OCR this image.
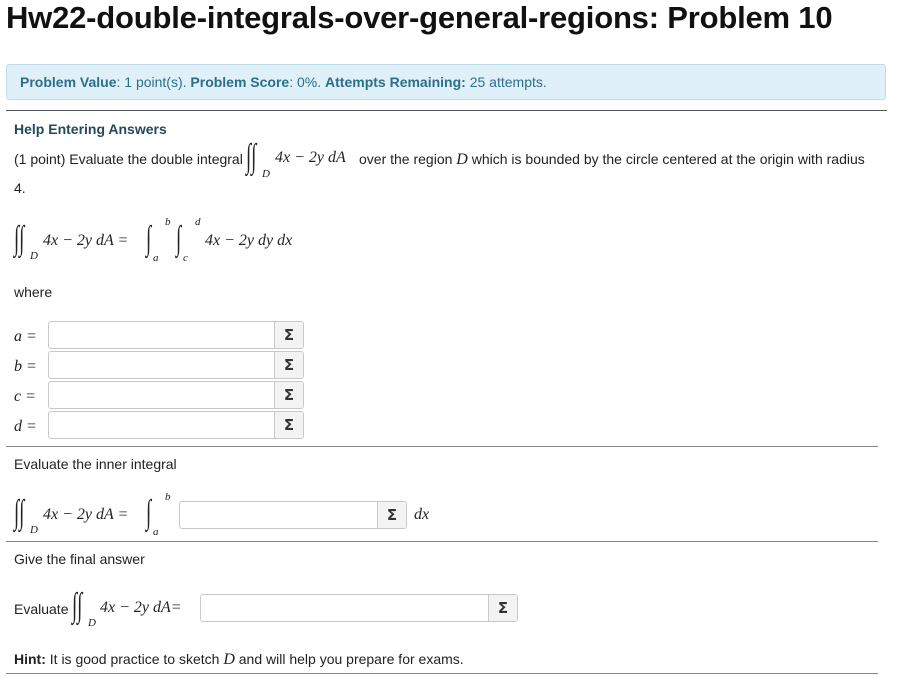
Hw22-double-integrals-over-general-regions: Problem 10
Problem Value: 1 point(s). Problem Score: 0%. Attempts Remaining: 25 attempts.
Help Entering Answers
(1 point) Evaluate the double integral ∫∫ D
4x − 2y dA over the region D which is bounded by the circle centered at the origin with radius
4.
∫∫ D
4x − 2y dA = ∫ b
a
∫ d
c
4x − 2y dy dx
where
a =	Σ
b =	Σ
c =	Σ
d =	Σ
Evaluate the inner integral
∫∫ D
4x − 2y dA = ∫ b
a
Σ	dx
Give the final answer
Evaluate ∫∫ D
4x − 2y dA=	Σ
Hint: It is good practice to sketch D and will help you prepare for exams.
